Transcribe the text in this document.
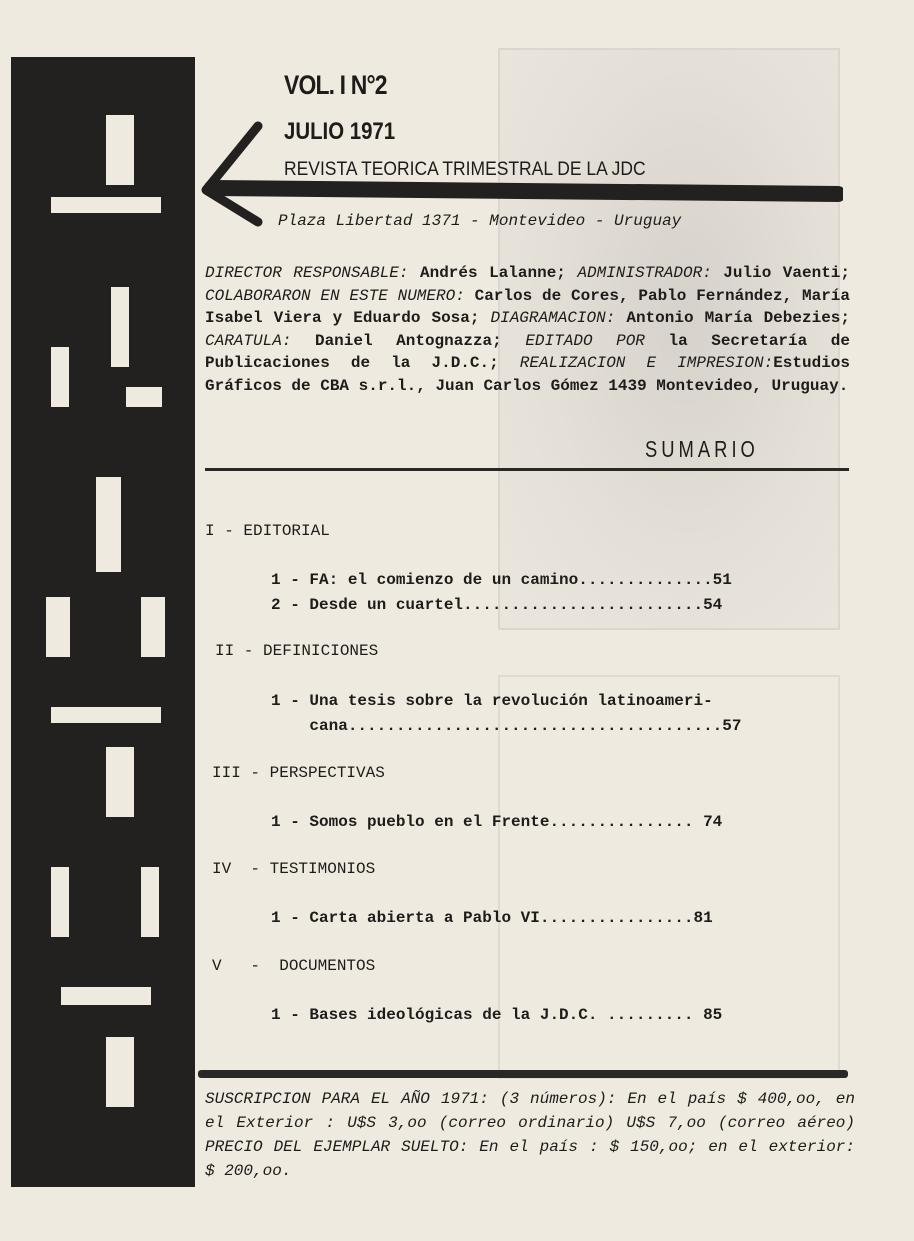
VOL. I N°2
JULIO 1971
REVISTA TEORICA TRIMESTRAL DE LA JDC
Plaza Libertad 1371 - Montevideo - Uruguay
DIRECTOR RESPONSABLE: Andrés Lalanne; ADMINISTRADOR: Julio Vaenti; COLABORARON EN ESTE NUMERO: Carlos de Cores, Pablo Fernández, María Isabel Viera y Eduardo Sosa; DIAGRAMACION: Antonio María Debezies; CARATULA: Daniel Antognazza; EDITADO POR la Secretaría de Publicaciones de la J.D.C.; REALIZACION E IMPRESION:Estudios Gráficos de CBA s.r.l., Juan Carlos Gómez 1439 Montevideo, Uruguay.
SUMARIO
I - EDITORIAL
1 - FA: el comienzo de un camino..............51
2 - Desde un cuartel.........................54
II - DEFINICIONES
1 - Una tesis sobre la revolución latinoameri-
cana.......................................57
III - PERSPECTIVAS
1 - Somos pueblo en el Frente............... 74
IV  - TESTIMONIOS
1 - Carta abierta a Pablo VI................81
V   -  DOCUMENTOS
1 - Bases ideológicas de la J.D.C. ......... 85
SUSCRIPCION PARA EL AÑO 1971: (3 números): En el país $ 400,oo, en el Exterior : U$S 3,oo (correo ordinario) U$S 7,oo (correo aéreo) PRECIO DEL EJEMPLAR SUELTO: En el país : $ 150,oo; en el exterior: $ 200,oo.
